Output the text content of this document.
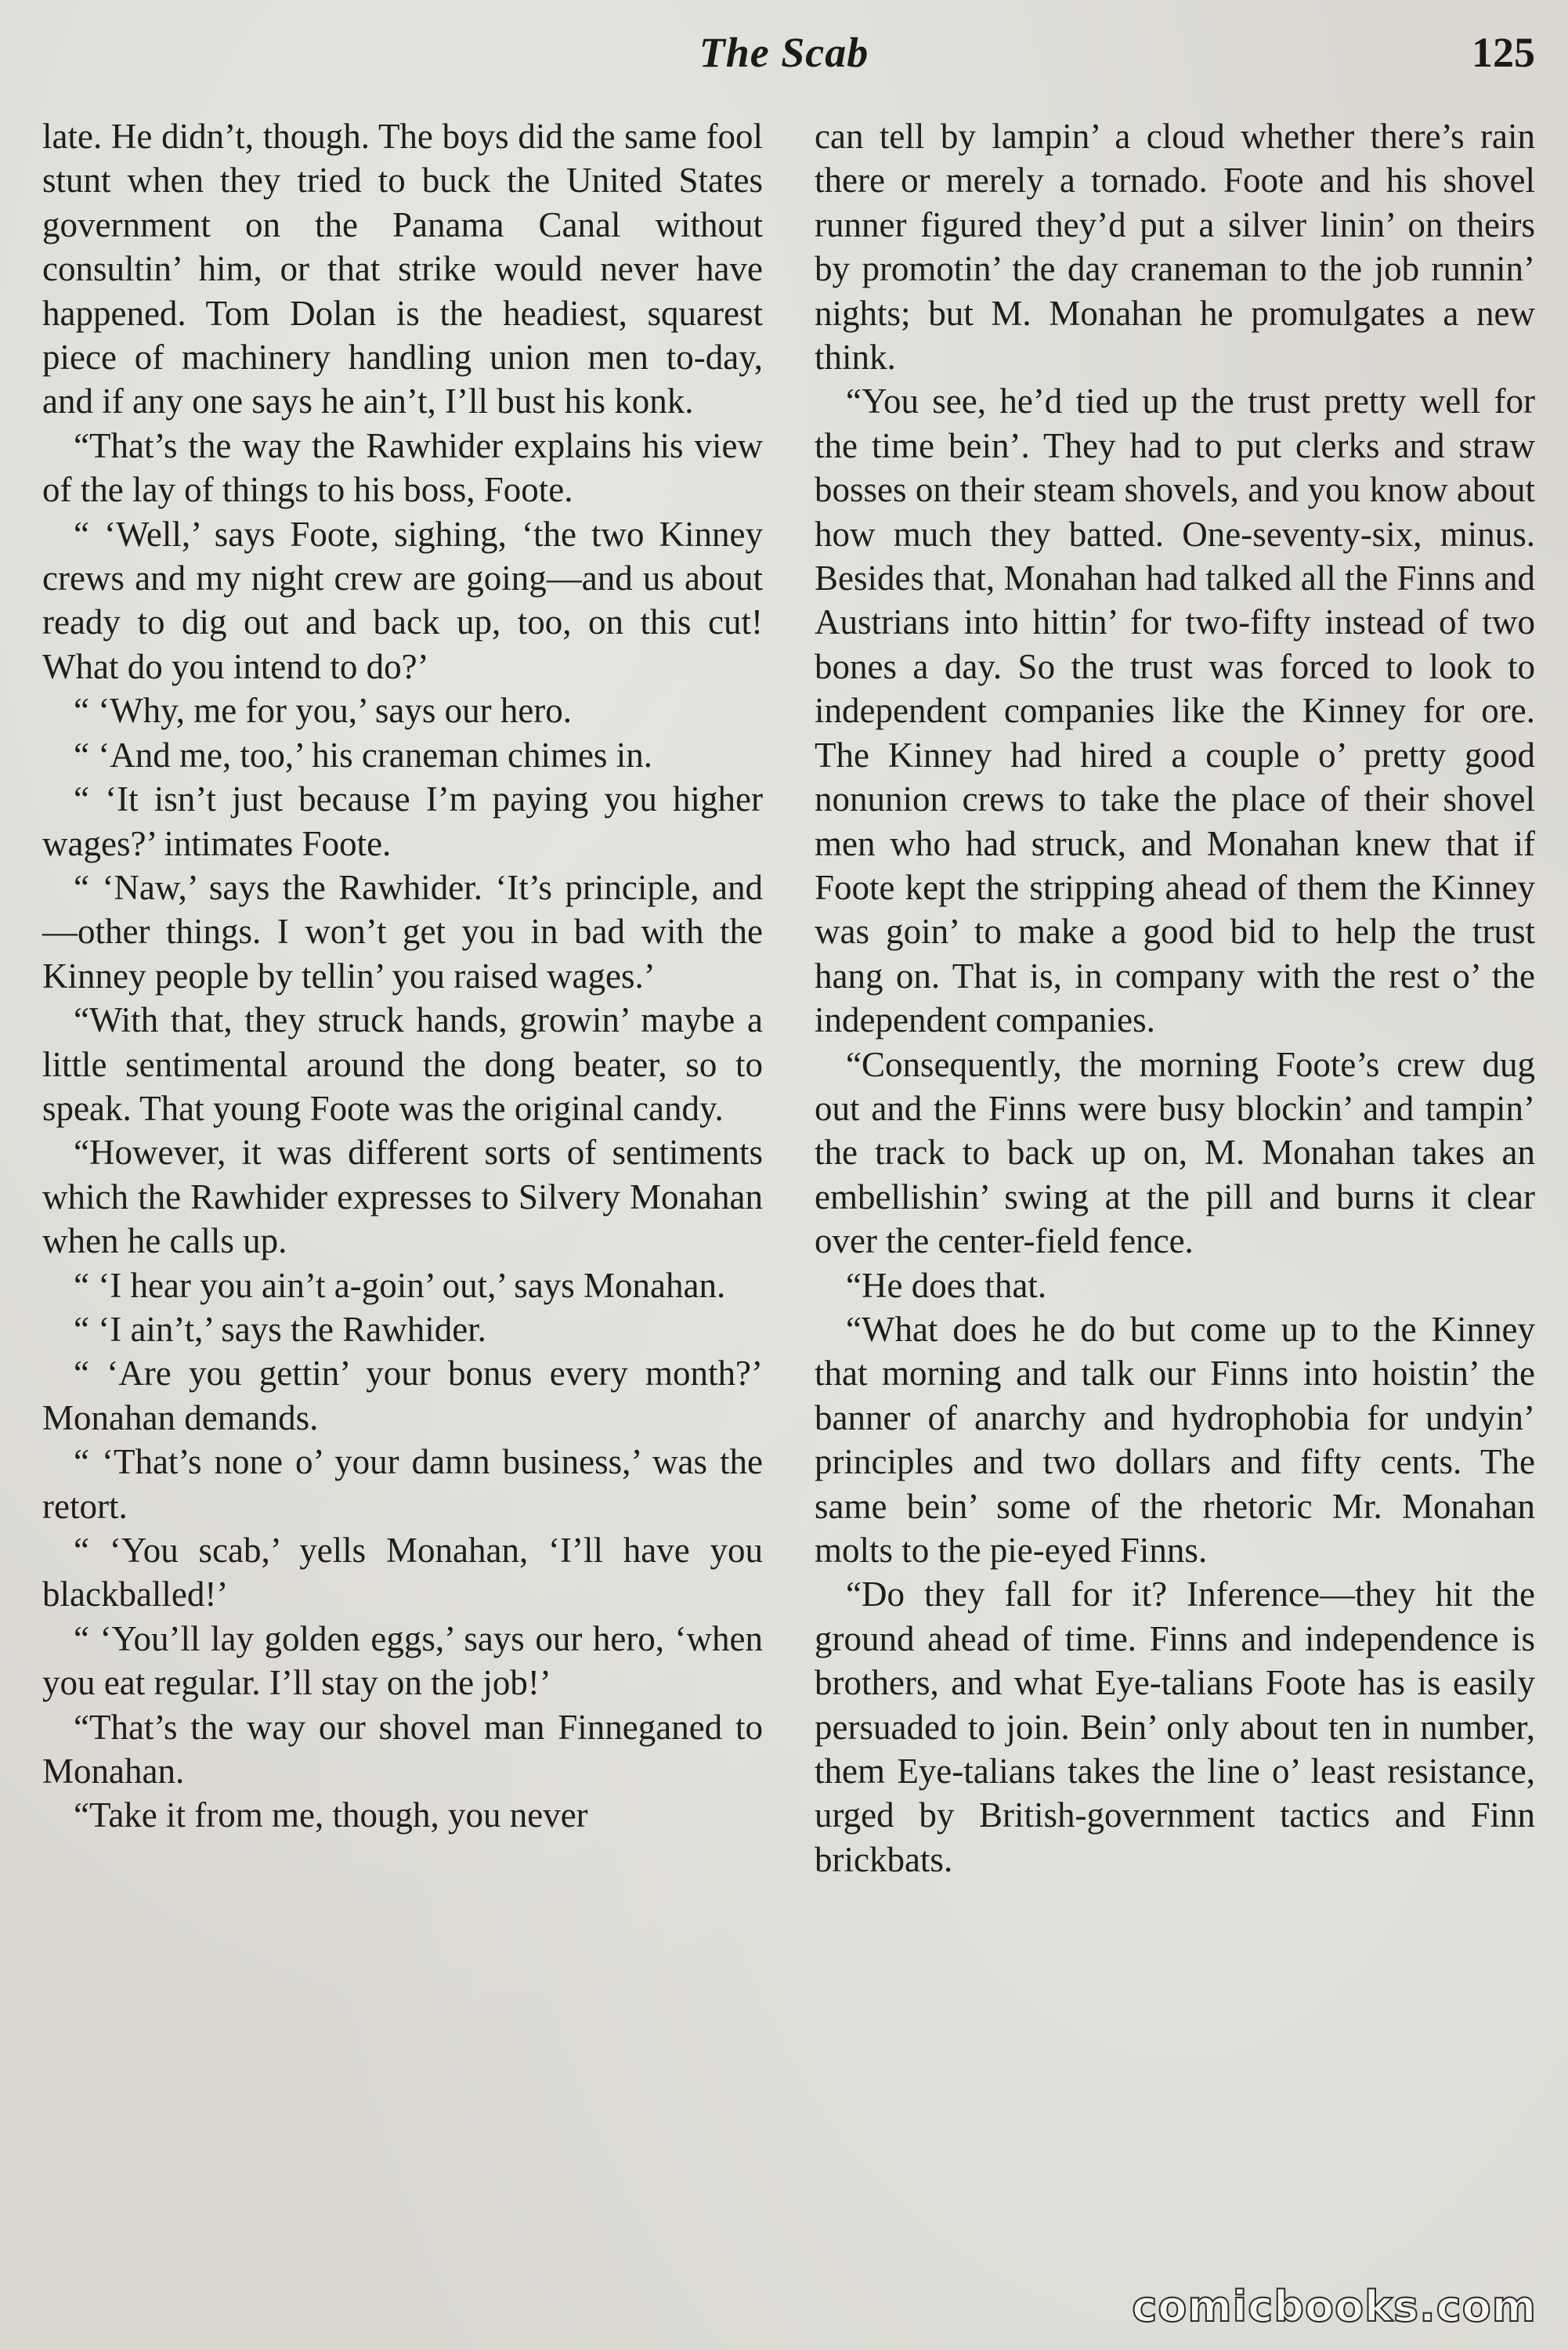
The Scab	125

late. He didn’t, though. The boys did the same fool stunt when they tried to buck the United States government on the Panama Canal without consultin’ him, or that strike would never have happened. Tom Dolan is the headiest, squarest piece of machinery handling union men to-day, and if any one says he ain’t, I’ll bust his konk.

“That’s the way the Rawhider explains his view of the lay of things to his boss, Foote.

“ ‘Well,’ says Foote, sighing, ‘the two Kinney crews and my night crew are going—and us about ready to dig out and back up, too, on this cut! What do you intend to do?’

“ ‘Why, me for you,’ says our hero.

“ ‘And me, too,’ his craneman chimes in.

“ ‘It isn’t just because I’m paying you higher wages?’ intimates Foote.

“ ‘Naw,’ says the Rawhider. ‘It’s principle, and—other things. I won’t get you in bad with the Kinney people by tellin’ you raised wages.’

“With that, they struck hands, growin’ maybe a little sentimental around the dong beater, so to speak. That young Foote was the original candy.

“However, it was different sorts of sentiments which the Rawhider expresses to Silvery Monahan when he calls up.

“ ‘I hear you ain’t a-goin’ out,’ says Monahan.

“ ‘I ain’t,’ says the Rawhider.

“ ‘Are you gettin’ your bonus every month?’ Monahan demands.

“ ‘That’s none o’ your damn business,’ was the retort.

“ ‘You scab,’ yells Monahan, ‘I’ll have you blackballed!’

“ ‘You’ll lay golden eggs,’ says our hero, ‘when you eat regular. I’ll stay on the job!’

“That’s the way our shovel man Finneganed to Monahan.

“Take it from me, though, you never

can tell by lampin’ a cloud whether there’s rain there or merely a tornado. Foote and his shovel runner figured they’d put a silver linin’ on theirs by promotin’ the day craneman to the job runnin’ nights; but M. Monahan he promulgates a new think.

“You see, he’d tied up the trust pretty well for the time bein’. They had to put clerks and straw bosses on their steam shovels, and you know about how much they batted. One-seventy-six, minus. Besides that, Monahan had talked all the Finns and Austrians into hittin’ for two-fifty instead of two bones a day. So the trust was forced to look to independent companies like the Kinney for ore. The Kinney had hired a couple o’ pretty good nonunion crews to take the place of their shovel men who had struck, and Monahan knew that if Foote kept the stripping ahead of them the Kinney was goin’ to make a good bid to help the trust hang on. That is, in company with the rest o’ the independent companies.

“Consequently, the morning Foote’s crew dug out and the Finns were busy blockin’ and tampin’ the track to back up on, M. Monahan takes an embellishin’ swing at the pill and burns it clear over the center-field fence.

“He does that.

“What does he do but come up to the Kinney that morning and talk our Finns into hoistin’ the banner of anarchy and hydrophobia for undyin’ principles and two dollars and fifty cents. The same bein’ some of the rhetoric Mr. Monahan molts to the pie-eyed Finns.

“Do they fall for it? Inference—they hit the ground ahead of time. Finns and independence is brothers, and what Eye-talians Foote has is easily persuaded to join. Bein’ only about ten in number, them Eye-talians takes the line o’ least resistance, urged by British-government tactics and Finn brickbats.

comicbooks.com
